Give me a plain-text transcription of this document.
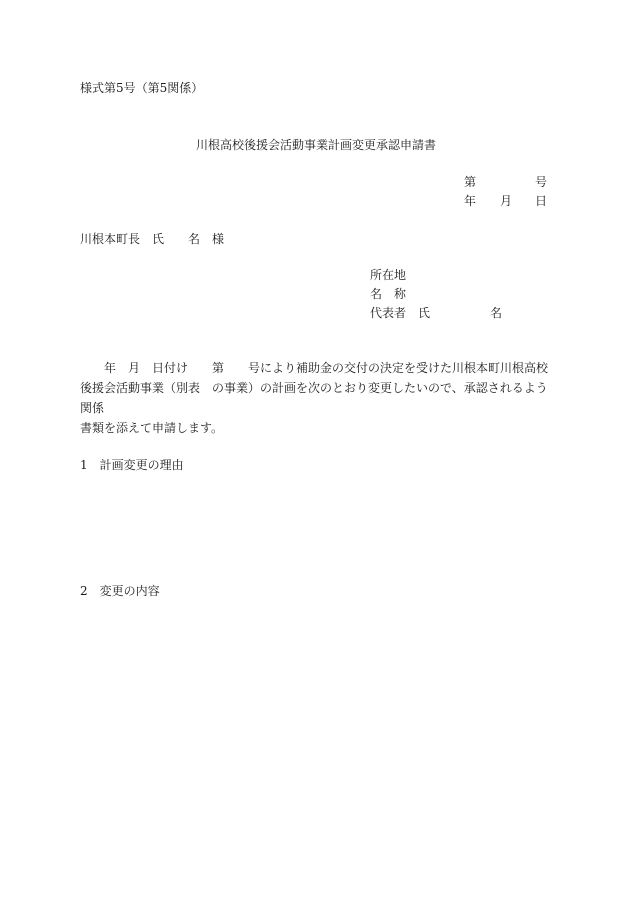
様式第5号（第5関係）
川根高校後援会活動事業計画変更承認申請書
第	号
年 月 日
川根本町長　氏　　名　様
所在地
名　称
代表者　氏　　　　　名

　　年　月　日付け　　第　　号により補助金の交付の決定を受けた川根本町川根高校

後援会活動事業（別表　の事業）の計画を次のとおり変更したいので、承認されるよう関係

書類を添えて申請します。

1　計画変更の理由
2　変更の内容
